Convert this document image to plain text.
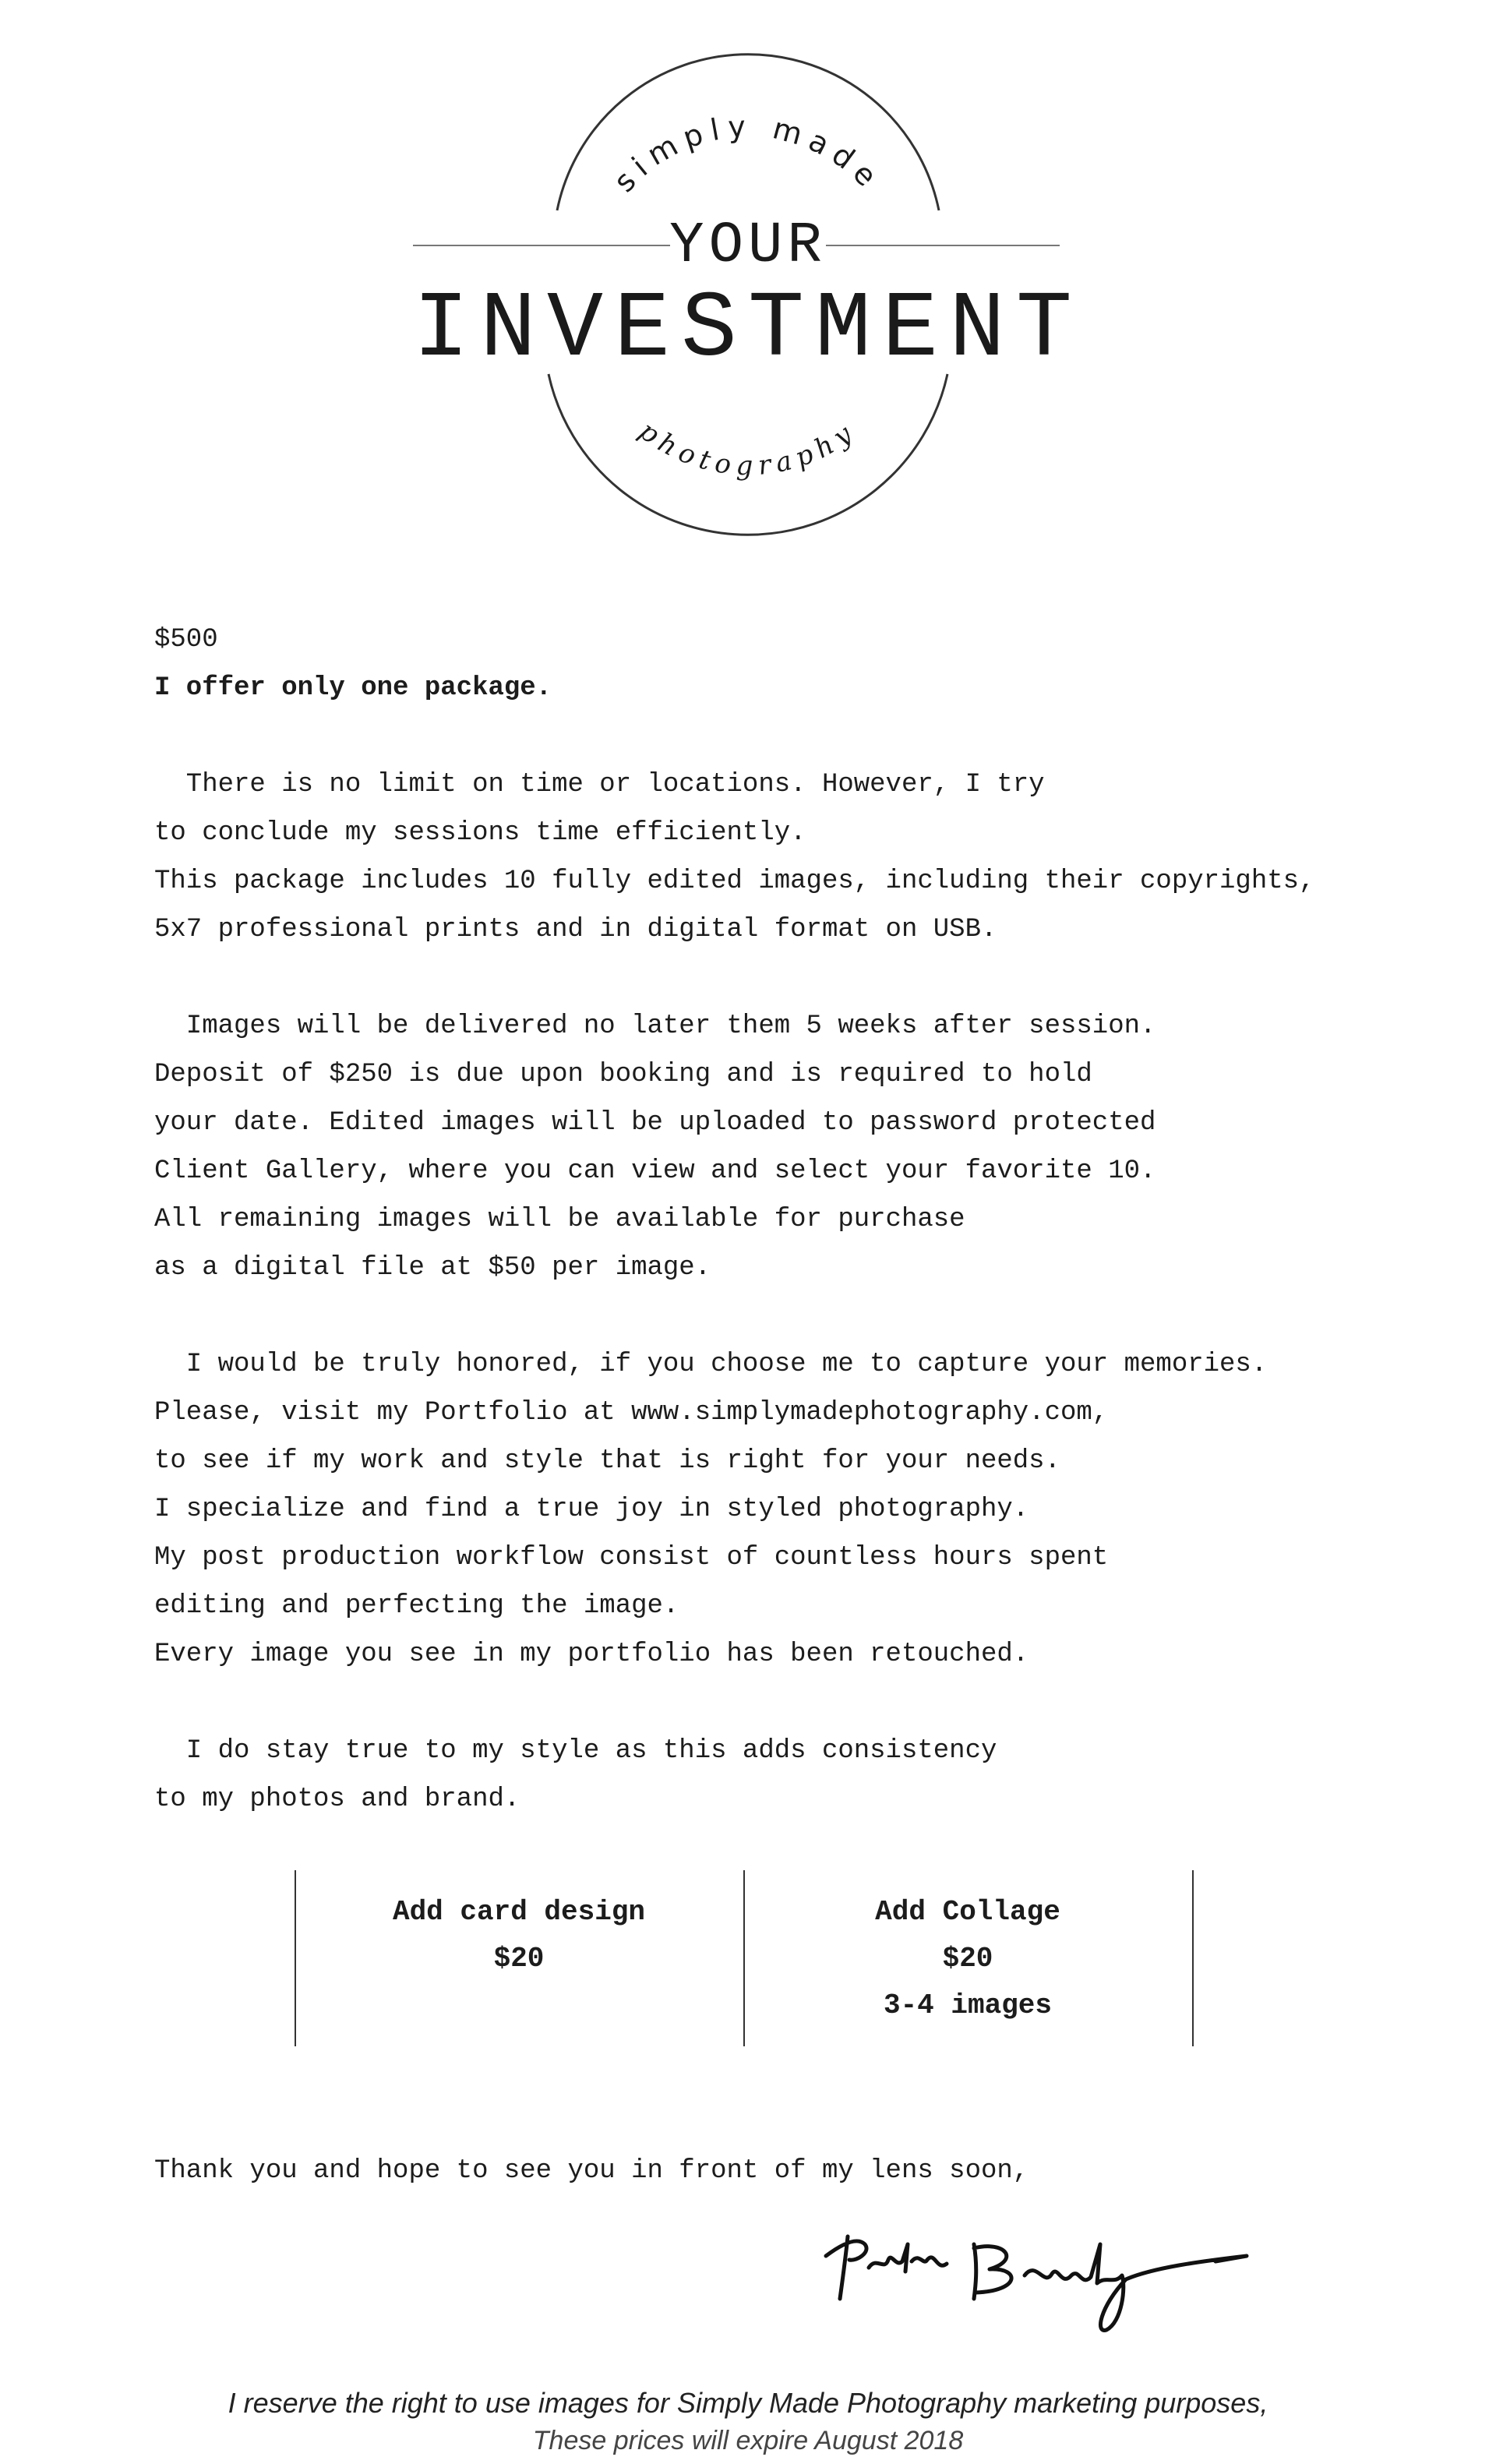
simply made
photography
YOUR
INVESTMENT
$500
I offer only one package.
There is no limit on time or locations. However, I try
to conclude my sessions time efficiently.
This package includes 10 fully edited images, including their copyrights,
5x7 professional prints and in digital format on USB.
Images will be delivered no later them 5 weeks after session.
Deposit of $250 is due upon booking and is required to hold
your date. Edited images will be uploaded to password protected
Client Gallery, where you can view and select your favorite 10.
All remaining images will be available for purchase
as a digital file at $50 per image.
I would be truly honored, if you choose me to capture your memories.
Please, visit my Portfolio at www.simplymadephotography.com,
to see if my work and style that is right for your needs.
I specialize and find a true joy in styled photography.
My post production workflow consist of countless hours spent
editing and perfecting the image.
Every image you see in my portfolio has been retouched.
I do stay true to my style as this adds consistency
to my photos and brand.
Add card design
$20
Add Collage
$20
3-4 images
Thank you and hope to see you in front of my lens soon,
I reserve the right to use images for Simply Made Photography marketing purposes,
These prices will expire August 2018
